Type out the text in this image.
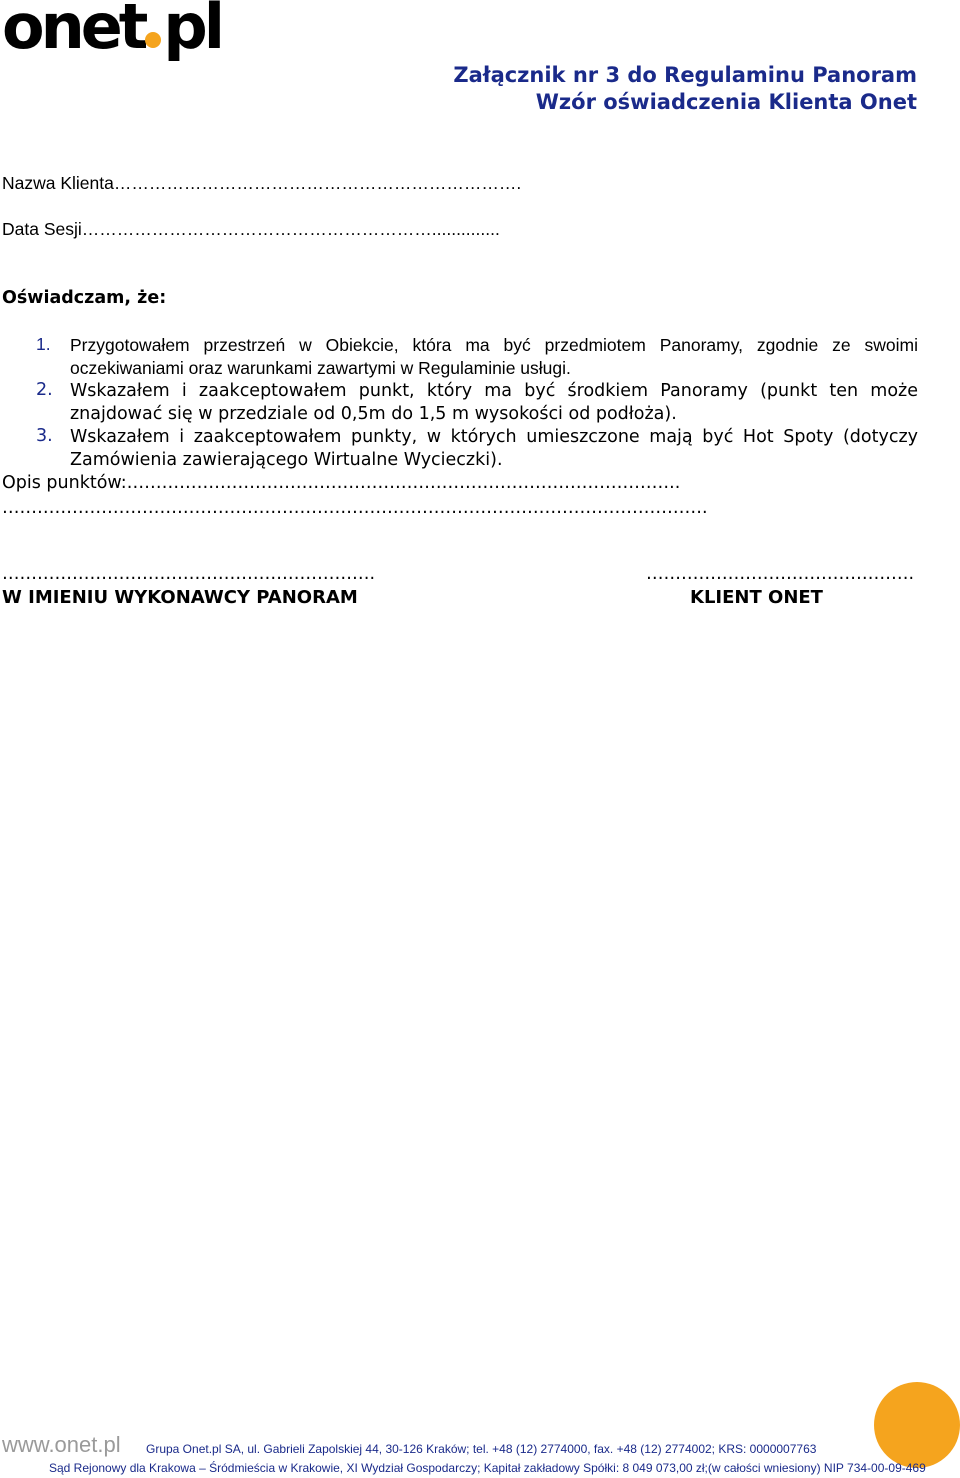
onet pl
Załącznik nr 3 do Regulaminu Panoram
Wzór oświadczenia Klienta Onet
Nazwa Klienta…………………………………………………………….
Data Sesji……………………………………………………..............
Oświadczam, że:
1. Przygotowałem przestrzeń w Obiekcie, która ma być przedmiotem Panoramy, zgodnie ze swoimi oczekiwaniami oraz warunkami zawartymi w Regulaminie usługi.
2. Wskazałem i zaakceptowałem punkt, który ma być środkiem Panoramy (punkt ten może znajdować się w przedziale od 0,5m do 1,5 m wysokości od podłoża).
3. Wskazałem i zaakceptowałem punkty, w których umieszczone mają być Hot Spoty (dotyczy Zamówienia zawierającego Wirtualne Wycieczki).
Opis punktów:…………………………………………………………………………………..
………………………………………………………………………………………………………….
……………………………………………………….
W IMIENIU WYKONAWCY PANORAM
……………………………………….
KLIENT ONET
www.onet.pl Grupa Onet.pl SA, ul. Gabrieli Zapolskiej 44, 30-126 Kraków; tel. +48 (12) 2774000, fax. +48 (12) 2774002; KRS: 0000007763
Sąd Rejonowy dla Krakowa – Śródmieścia w Krakowie, XI Wydział Gospodarczy; Kapitał zakładowy Spółki: 8 049 073,00 zł;(w całości wniesiony) NIP 734-00-09-469
